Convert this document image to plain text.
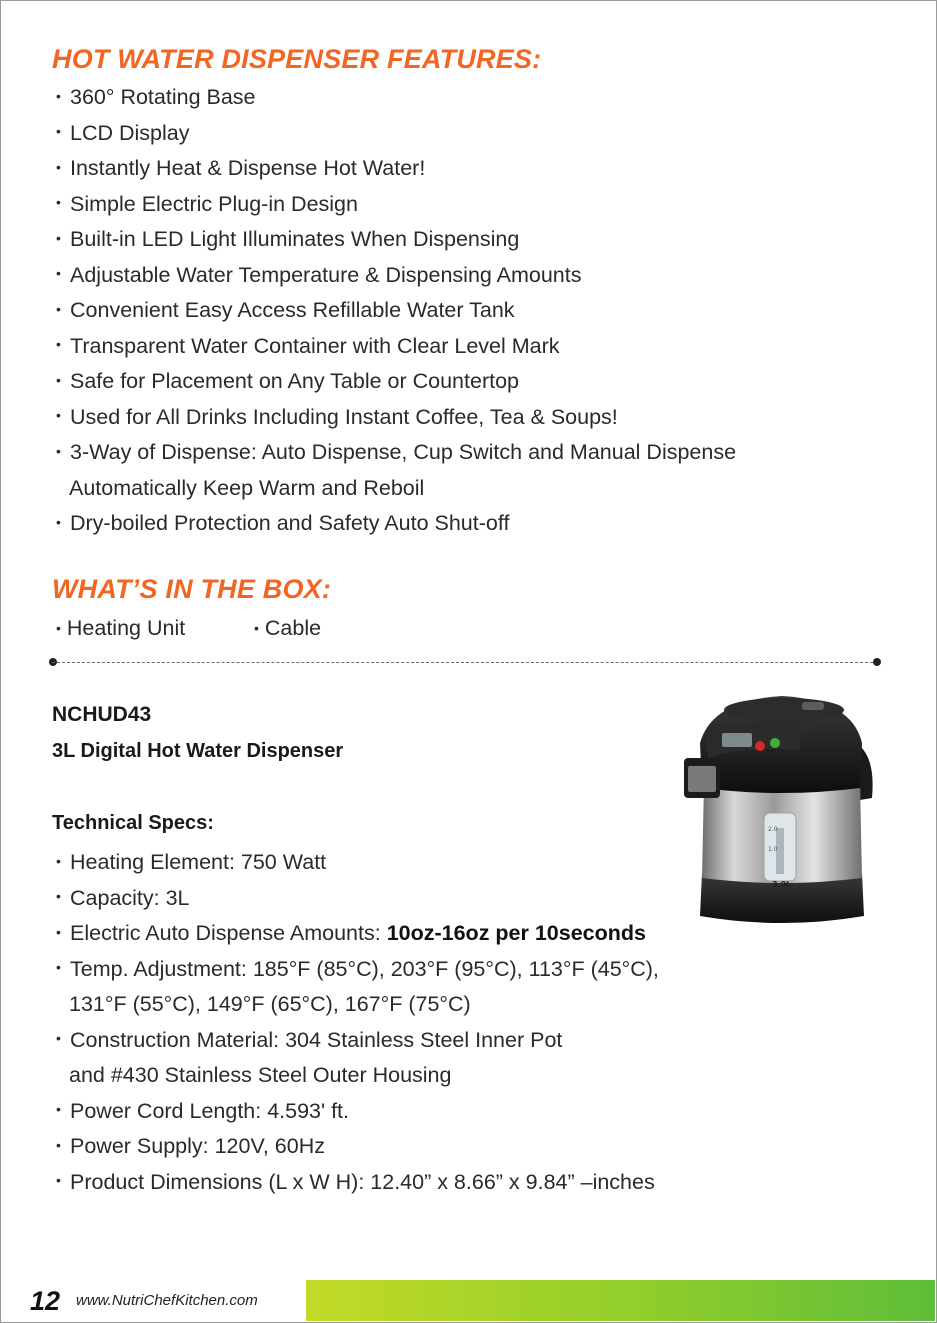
HOT WATER DISPENSER FEATURES:
• 360° Rotating Base
• LCD Display
• Instantly Heat & Dispense Hot Water!
• Simple Electric Plug-in Design
• Built-in LED Light Illuminates When Dispensing
• Adjustable Water Temperature & Dispensing Amounts
• Convenient Easy Access Refillable Water Tank
• Transparent Water Container with Clear Level Mark
• Safe for Placement on Any Table or Countertop
• Used for All Drinks Including Instant Coffee, Tea & Soups!
• 3-Way of Dispense: Auto Dispense, Cup Switch and Manual Dispense
Automatically Keep Warm and Reboil
• Dry-boiled Protection and Safety Auto Shut-off
WHAT’S IN THE BOX:
• Heating Unit	• Cable
NCHUD43
3L Digital Hot Water Dispenser
Technical Specs:
• Heating Element: 750 Watt
• Capacity: 3L
• Electric Auto Dispense Amounts: 10oz-16oz per 10seconds
• Temp. Adjustment: 185°F (85°C), 203°F (95°C), 113°F (45°C),
131°F (55°C), 149°F (65°C), 167°F (75°C)
• Construction Material: 304 Stainless Steel Inner Pot
and #430 Stainless Steel Outer Housing
• Power Cord Length: 4.593' ft.
• Power Supply: 120V, 60Hz
• Product Dimensions (L x W H): 12.40” x 8.66” x 9.84” –inches
2.0
1.0
3.0L
12 www.NutriChefKitchen.com
